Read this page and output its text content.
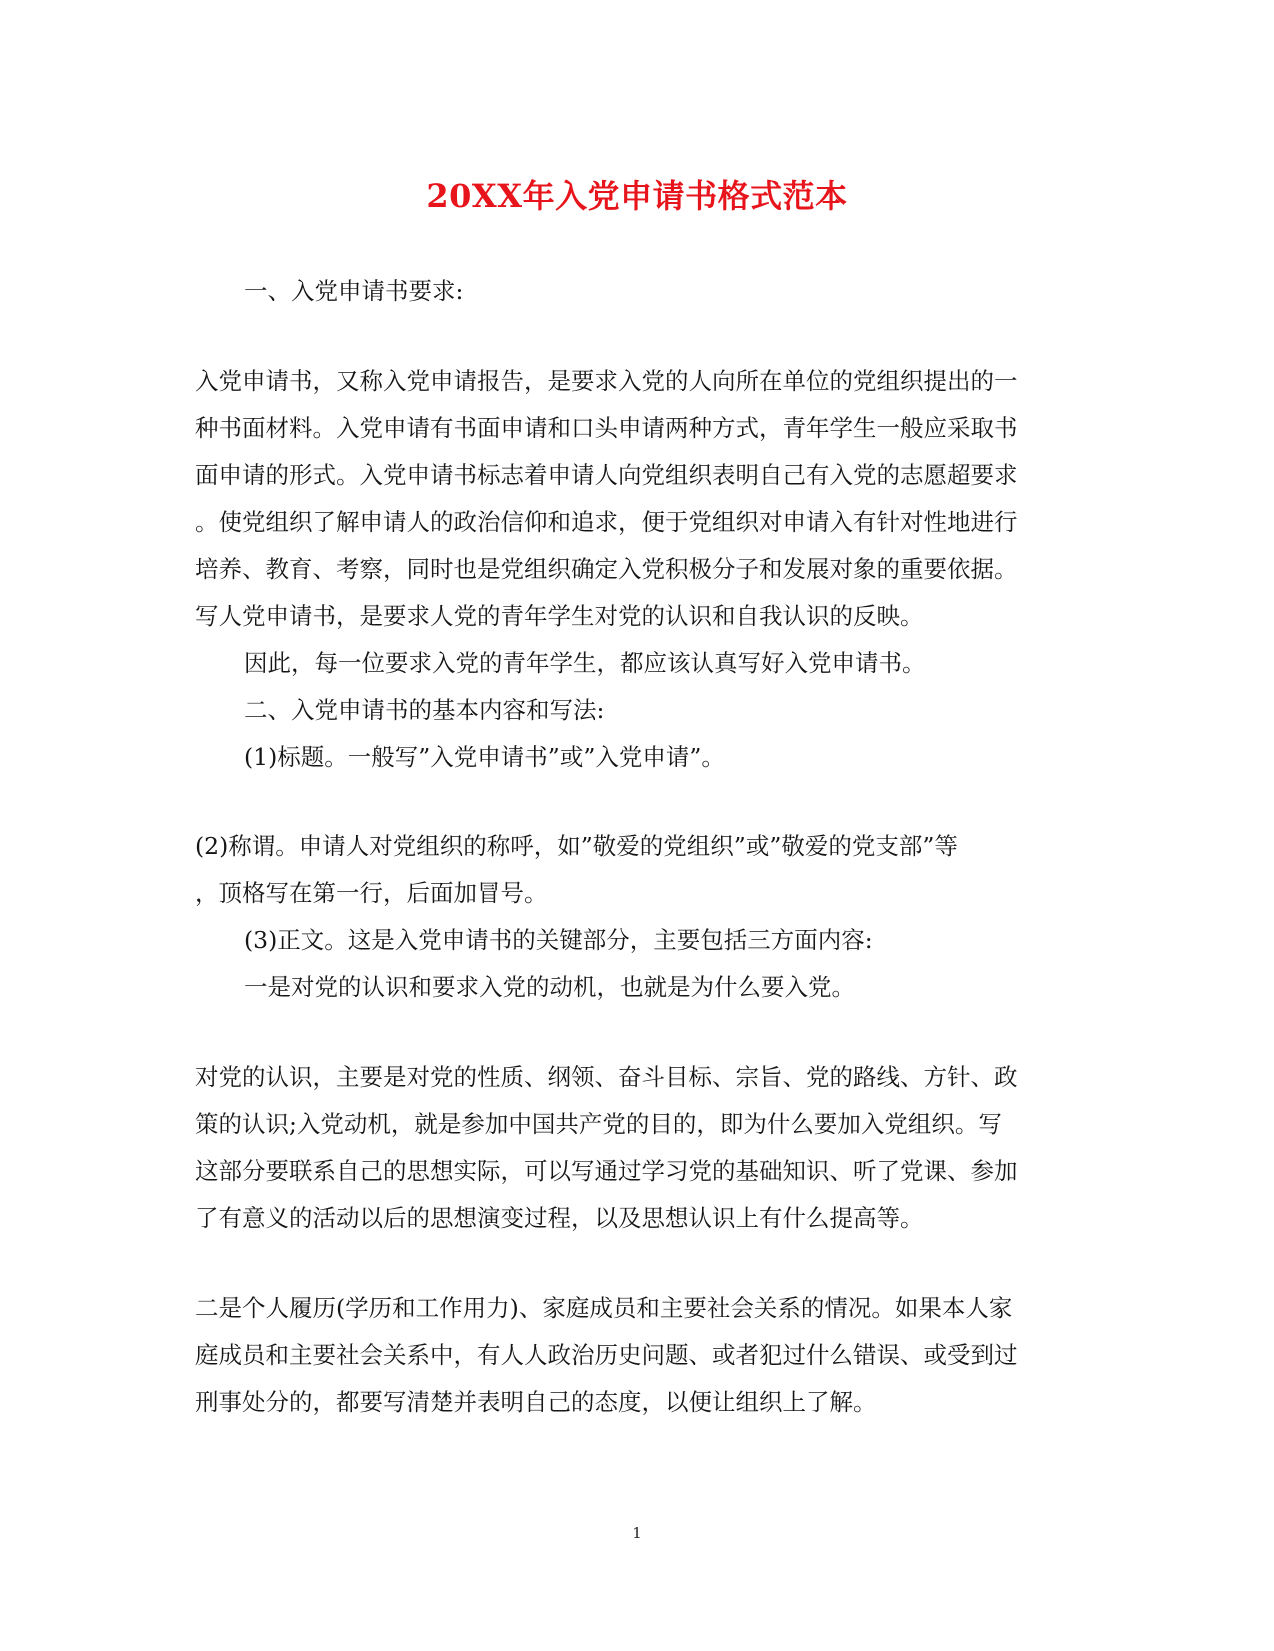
20XX年入党申请书格式范本
一、入党申请书要求:
入党申请书，又称入党申请报告，是要求入党的人向所在单位的党组织提出的一
种书面材料。入党申请有书面申请和口头申请两种方式，青年学生一般应采取书
面申请的形式。入党申请书标志着申请人向党组织表明自己有入党的志愿超要求
。使党组织了解申请人的政治信仰和追求，便于党组织对申请入有针对性地进行
培养、教育、考察，同时也是党组织确定入党积极分子和发展对象的重要依据。
写人党申请书，是要求人党的青年学生对党的认识和自我认识的反映。
因此，每一位要求入党的青年学生，都应该认真写好入党申请书。
二、入党申请书的基本内容和写法:
(1)标题。一般写”入党申请书”或”入党申请”。
(2)称谓。申请人对党组织的称呼，如”敬爱的党组织”或”敬爱的党支部”等
，顶格写在第一行，后面加冒号。
(3)正文。这是入党申请书的关键部分，主要包括三方面内容:
一是对党的认识和要求入党的动机，也就是为什么要入党。
对党的认识，主要是对党的性质、纲领、奋斗目标、宗旨、党的路线、方针、政
策的认识;入党动机，就是参加中国共产党的目的，即为什么要加入党组织。写
这部分要联系自己的思想实际，可以写通过学习党的基础知识、听了党课、参加
了有意义的活动以后的思想演变过程，以及思想认识上有什么提高等。
二是个人履历(学历和工作用力)、家庭成员和主要社会关系的情况。如果本人家
庭成员和主要社会关系中，有人人政治历史问题、或者犯过什么错误、或受到过
刑事处分的，都要写清楚并表明自己的态度，以便让组织上了解。
1
